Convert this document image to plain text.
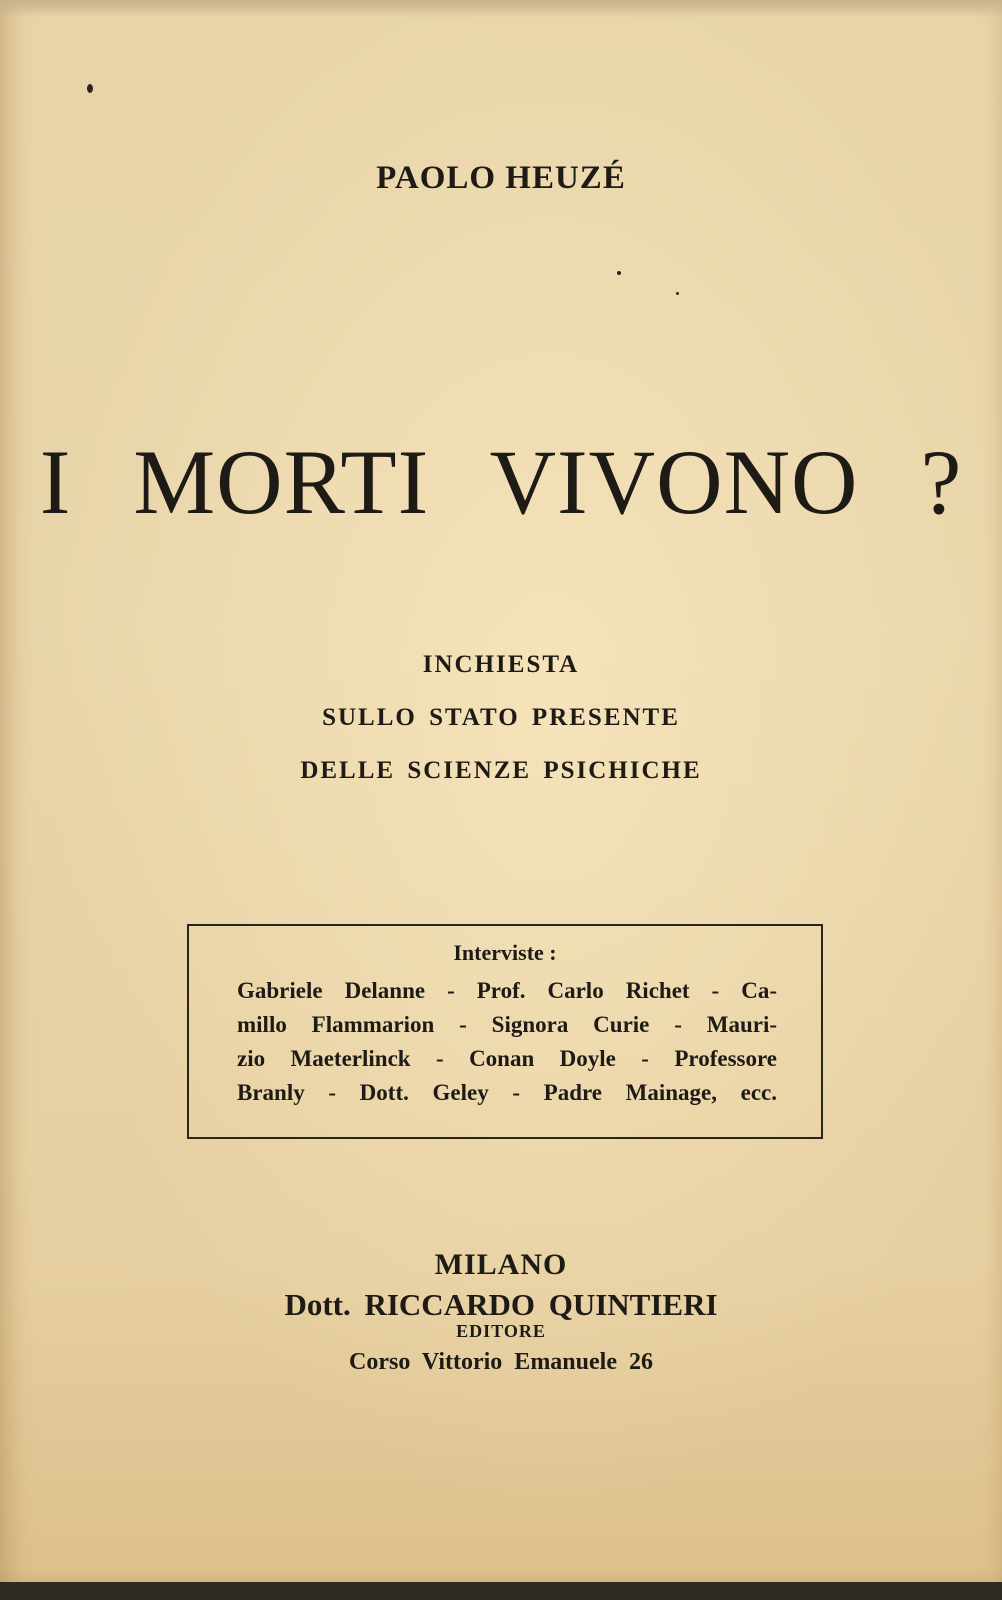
PAOLO HEUZÉ
I MORTI VIVONO ?
INCHIESTA
SULLO STATO PRESENTE
DELLE SCIENZE PSICHICHE
Interviste :
Gabriele Delanne - Prof. Carlo Richet - Ca-
millo Flammarion - Signora Curie - Mauri-
zio Maeterlinck - Conan Doyle - Professore
Branly - Dott. Geley - Padre Mainage, ecc.
MILANO
Dott. RICCARDO QUINTIERI
EDITORE
Corso Vittorio Emanuele 26
